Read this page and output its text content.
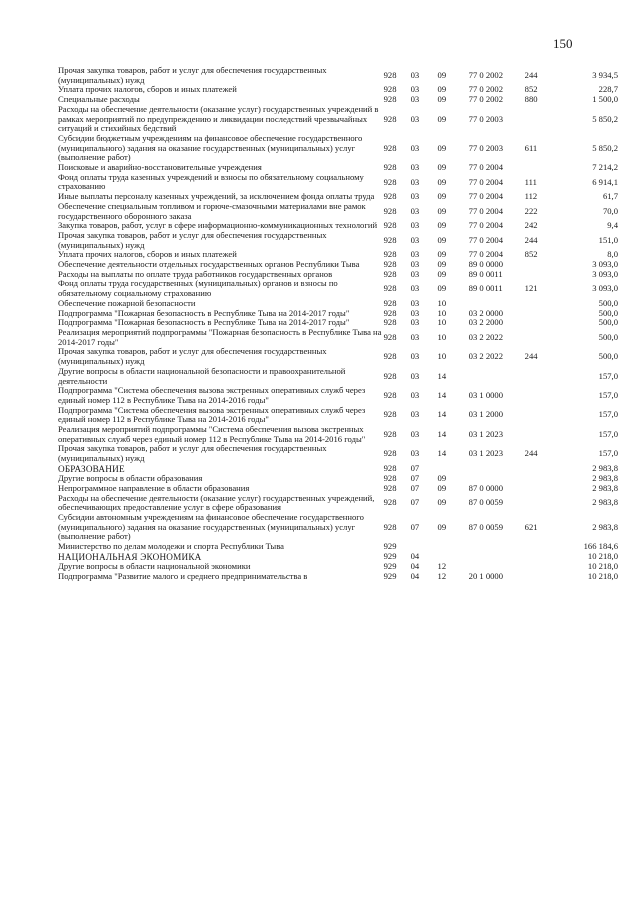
150
Прочая закупка товаров, работ и услуг для обеспечения государственных (муниципальных) нужд	928	03	09	77 0 2002	244	3 934,5
Уплата прочих налогов, сборов и иных платежей	928	03	09	77 0 2002	852	228,7
Специальные расходы	928	03	09	77 0 2002	880	1 500,0
Расходы на обеспечение деятельности (оказание услуг) государственных учреждений в рамках мероприятий по предупреждению и ликвидации последствий чрезвычайных ситуаций и стихийных бедствий	928	03	09	77 0 2003		5 850,2
Субсидии бюджетным учреждениям на финансовое обеспечение государственного (муниципального) задания на оказание государственных (муниципальных) услуг (выполнение работ)	928	03	09	77 0 2003	611	5 850,2
Поисковые и аварийно-восстановительные учреждения	928	03	09	77 0 2004		7 214,2
Фонд оплаты труда казенных учреждений и взносы по обязательному социальному страхованию	928	03	09	77 0 2004	111	6 914,1
Иные выплаты персоналу казенных учреждений, за исключением фонда оплаты труда	928	03	09	77 0 2004	112	61,7
Обеспечение специальным топливом и горюче-смазочными материалами вне рамок государственного оборонного заказа	928	03	09	77 0 2004	222	70,0
Закупка товаров, работ, услуг в сфере информационно-коммуникационных технологий	928	03	09	77 0 2004	242	9,4
Прочая закупка товаров, работ и услуг для обеспечения государственных (муниципальных) нужд	928	03	09	77 0 2004	244	151,0
Уплата прочих налогов, сборов и иных платежей	928	03	09	77 0 2004	852	8,0
Обеспечение деятельности отдельных государственных органов Республики Тыва	928	03	09	89 0 0000		3 093,0
Расходы на выплаты по оплате труда работников государственных органов	928	03	09	89 0 0011		3 093,0
Фонд оплаты труда государственных (муниципальных) органов и взносы по обязательному социальному страхованию	928	03	09	89 0 0011	121	3 093,0
Обеспечение пожарной безопасности	928	03	10			500,0
Подпрограмма "Пожарная безопасность в Республике Тыва на 2014-2017 годы"	928	03	10	03 2 0000		500,0
Подпрограмма "Пожарная безопасность в Республике Тыва на 2014-2017 годы"	928	03	10	03 2 2000		500,0
Реализация мероприятий подпрограммы "Пожарная безопасность в Республике Тыва на 2014-2017 годы"	928	03	10	03 2 2022		500,0
Прочая закупка товаров, работ и услуг для обеспечения государственных (муниципальных) нужд	928	03	10	03 2 2022	244	500,0
Другие вопросы в области национальной безопасности и правоохранительной деятельности	928	03	14			157,0
Подпрограмма "Система обеспечения вызова экстренных оперативных служб через единый номер 112 в Республике Тыва на 2014-2016 годы"	928	03	14	03 1 0000		157,0
Подпрограмма "Система обеспечения вызова экстренных оперативных служб через единый номер 112 в Республике Тыва на 2014-2016 годы"	928	03	14	03 1 2000		157,0
Реализация мероприятий подпрограммы "Система обеспечения вызова экстренных оперативных служб через единый номер 112 в Республике Тыва на 2014-2016 годы"	928	03	14	03 1 2023		157,0
Прочая закупка товаров, работ и услуг для обеспечения государственных (муниципальных) нужд	928	03	14	03 1 2023	244	157,0
ОБРАЗОВАНИЕ	928	07				2 983,8
Другие вопросы в области образования	928	07	09			2 983,8
Непрограммное направление в области образования	928	07	09	87 0 0000		2 983,8
Расходы на обеспечение деятельности (оказание услуг) государственных учреждений, обеспечивающих предоставление услуг в сфере образования	928	07	09	87 0 0059		2 983,8
Субсидии автономным учреждениям на финансовое обеспечение государственного (муниципального) задания на оказание государственных (муниципальных) услуг (выполнение работ)	928	07	09	87 0 0059	621	2 983,8
Министерство по делам молодежи и спорта Республики Тыва	929					166 184,6
НАЦИОНАЛЬНАЯ ЭКОНОМИКА	929	04				10 218,0
Другие вопросы в области национальной экономики	929	04	12			10 218,0
Подпрограмма "Развитие малого и среднего предпринимательства в	929	04	12	20 1 0000		10 218,0
